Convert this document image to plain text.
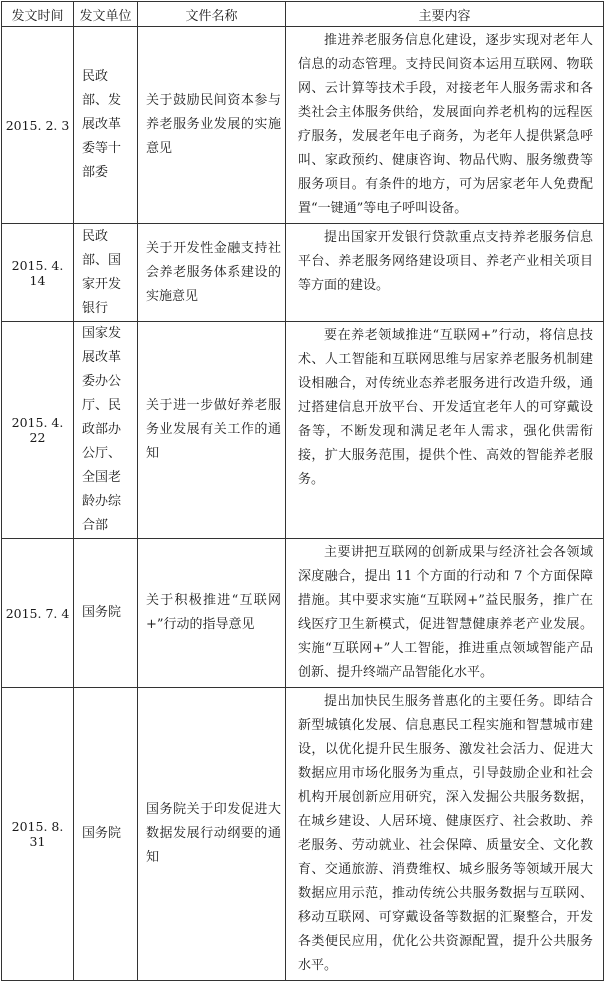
发文时间	发文单位	文件名称	主要内容
2015. 2. 3	民政部、发展改革委等十部委	关于鼓励民间资本参与养老服务业发展的实施意见	推进养老服务信息化建设，逐步实现对老年人信息的动态管理。支持民间资本运用互联网、物联网、云计算等技术手段，对接老年人服务需求和各类社会主体服务供给，发展面向养老机构的远程医疗服务，发展老年电子商务，为老年人提供紧急呼叫、家政预约、健康咨询、物品代购、服务缴费等服务项目。有条件的地方，可为居家老年人免费配置“一键通”等电子呼叫设备。

2015. 4. 14	民政部、国家开发银行	关于开发性金融支持社会养老服务体系建设的实施意见	提出国家开发银行贷款重点支持养老服务信息平台、养老服务网络建设项目、养老产业相关项目等方面的建设。

2015. 4. 22	国家发展改革委办公厅、民政部办公厅、全国老龄办综合部	关于进一步做好养老服务业发展有关工作的通知	要在养老领域推进“互联网+”行动，将信息技术、人工智能和互联网思维与居家养老服务机制建设相融合，对传统业态养老服务进行改造升级，通过搭建信息开放平台、开发适宜老年人的可穿戴设备等，不断发现和满足老年人需求，强化供需衔接，扩大服务范围，提供个性、高效的智能养老服务。

2015. 7. 4	国务院	关于积极推进“互联网+”行动的指导意见	主要讲把互联网的创新成果与经济社会各领域深度融合，提出 11 个方面的行动和 7 个方面保障措施。其中要求实施“互联网+”益民服务，推广在线医疗卫生新模式，促进智慧健康养老产业发展。实施“互联网+”人工智能，推进重点领域智能产品创新、提升终端产品智能化水平。

2015. 8. 31	国务院	国务院关于印发促进大数据发展行动纲要的通知	提出加快民生服务普惠化的主要任务。即结合新型城镇化发展、信息惠民工程实施和智慧城市建设，以优化提升民生服务、激发社会活力、促进大数据应用市场化服务为重点，引导鼓励企业和社会机构开展创新应用研究，深入发掘公共服务数据，在城乡建设、人居环境、健康医疗、社会救助、养老服务、劳动就业、社会保障、质量安全、文化教育、交通旅游、消费维权、城乡服务等领域开展大数据应用示范，推动传统公共服务数据与互联网、移动互联网、可穿戴设备等数据的汇聚整合，开发各类便民应用，优化公共资源配置，提升公共服务水平。
